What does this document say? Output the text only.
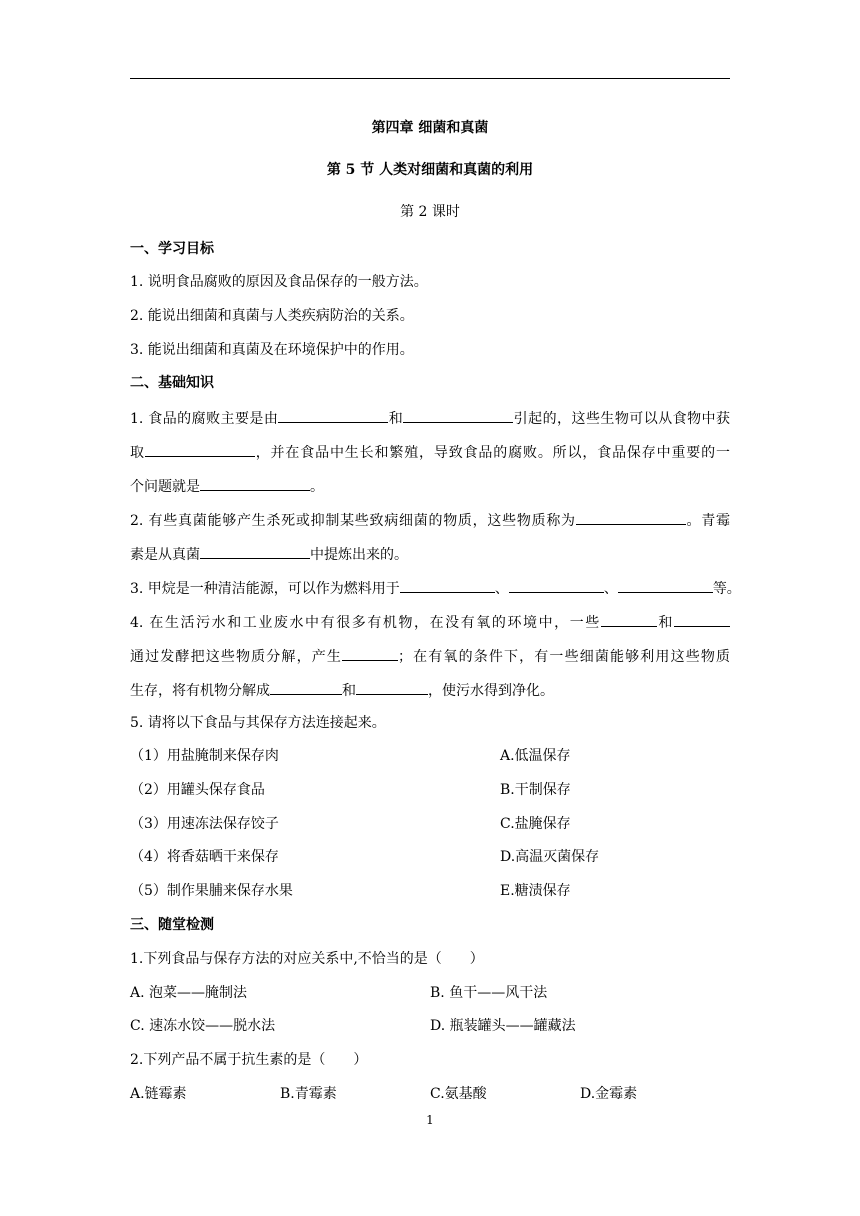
第四章 细菌和真菌
第 5 节 人类对细菌和真菌的利用
第 2 课时
一、学习目标
1. 说明食品腐败的原因及食品保存的一般方法。
2. 能说出细菌和真菌与人类疾病防治的关系。
3. 能说出细菌和真菌及在环境保护中的作用。
二、基础知识
1. 食品的腐败主要是由	和	引起的，这些生物可以从食物中获
取	，并在食品中生长和繁殖，导致食品的腐败。所以，食品保存中重要的一
个问题就是	。
2. 有些真菌能够产生杀死或抑制某些致病细菌的物质，这些物质称为	。青霉
素是从真菌	中提炼出来的。
3. 甲烷是一种清洁能源，可以作为燃料用于	、	、	等。
4. 在生活污水和工业废水中有很多有机物，在没有氧的环境中，一些	和
通过发酵把这些物质分解，产生	；在有氧的条件下，有一些细菌能够利用这些物质
生存，将有机物分解成	和	，使污水得到净化。
5. 请将以下食品与其保存方法连接起来。
（1）用盐腌制来保存肉	A.低温保存
（2）用罐头保存食品	B.干制保存
（3）用速冻法保存饺子	C.盐腌保存
（4）将香菇晒干来保存	D.高温灭菌保存
（5）制作果脯来保存水果	E.糖渍保存
三、随堂检测
1.下列食品与保存方法的对应关系中,不恰当的是（　　）
A. 泡菜——腌制法	B. 鱼干——风干法
C. 速冻水饺——脱水法	D. 瓶装罐头——罐藏法
2.下列产品不属于抗生素的是（　　）
A.链霉素	B.青霉素	C.氨基酸	D.金霉素
1
